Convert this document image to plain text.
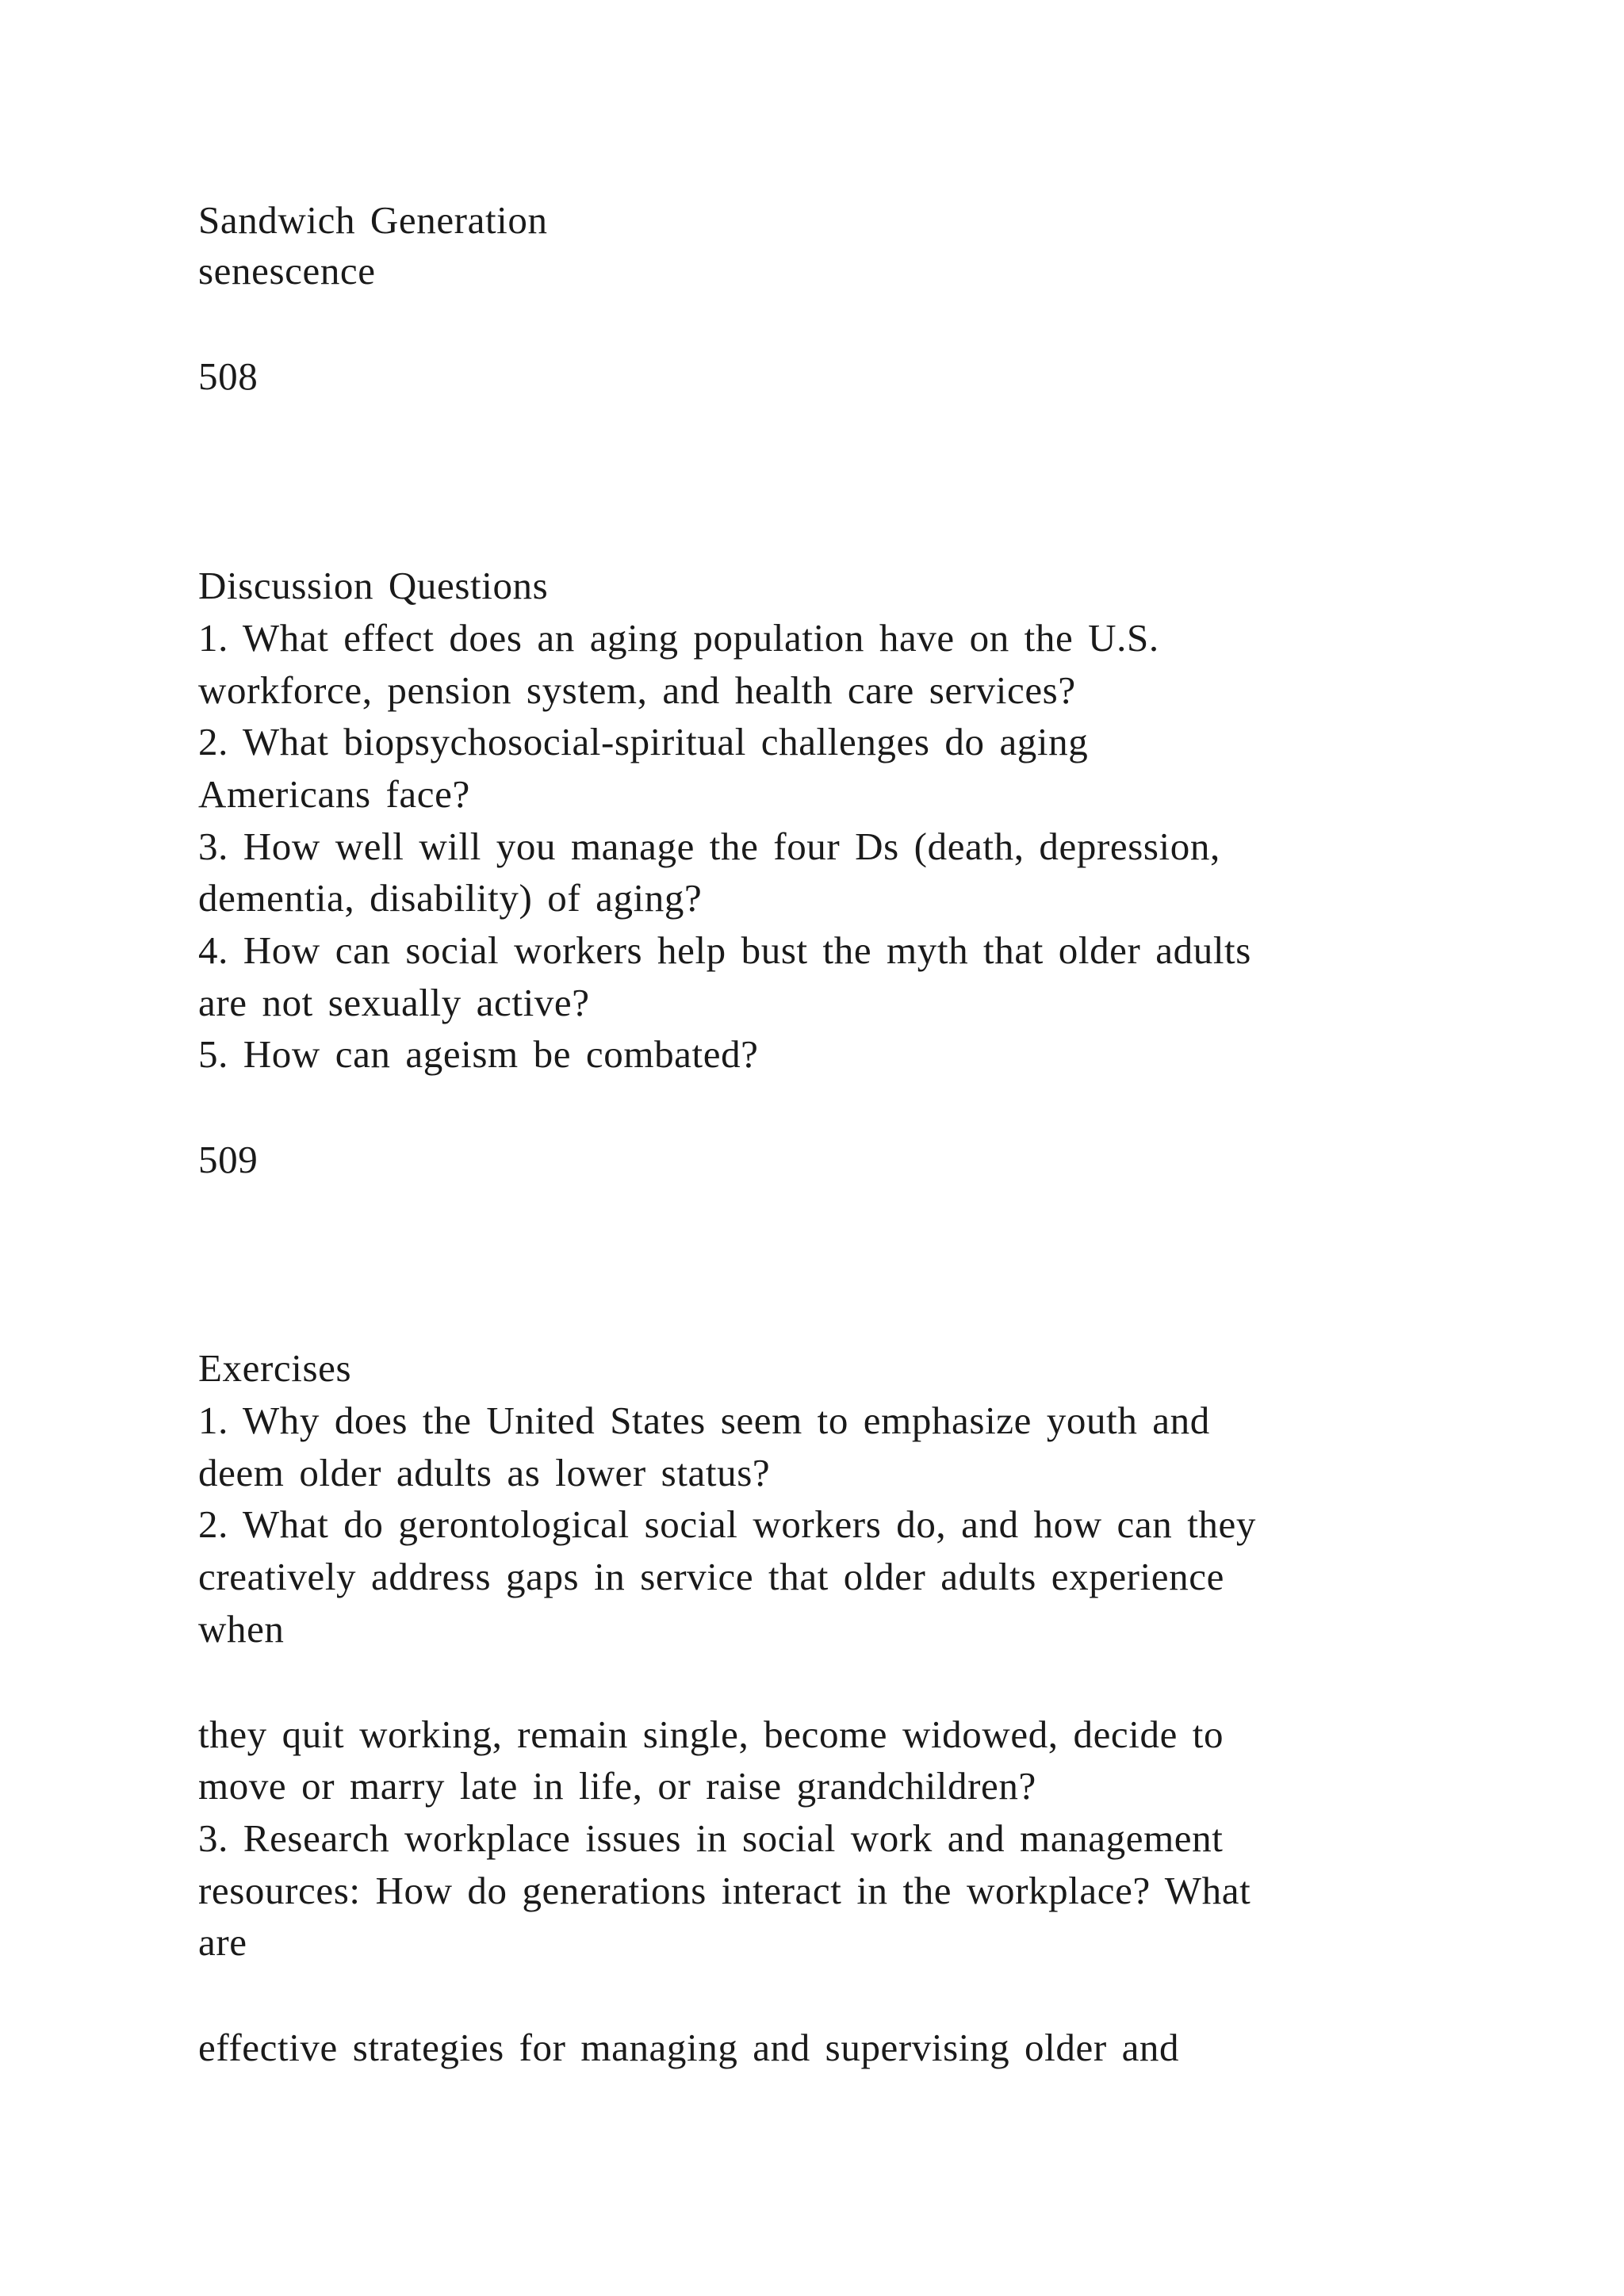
Sandwich Generation
senescence
508
Discussion Questions
1. What effect does an aging population have on the U.S.
workforce, pension system, and health care services?
2. What biopsychosocial-spiritual challenges do aging
Americans face?
3. How well will you manage the four Ds (death, depression,
dementia, disability) of aging?
4. How can social workers help bust the myth that older adults
are not sexually active?
5. How can ageism be combated?
509
Exercises
1. Why does the United States seem to emphasize youth and
deem older adults as lower status?
2. What do gerontological social workers do, and how can they
creatively address gaps in service that older adults experience
when
they quit working, remain single, become widowed, decide to
move or marry late in life, or raise grandchildren?
3. Research workplace issues in social work and management
resources: How do generations interact in the workplace? What
are
effective strategies for managing and supervising older and
